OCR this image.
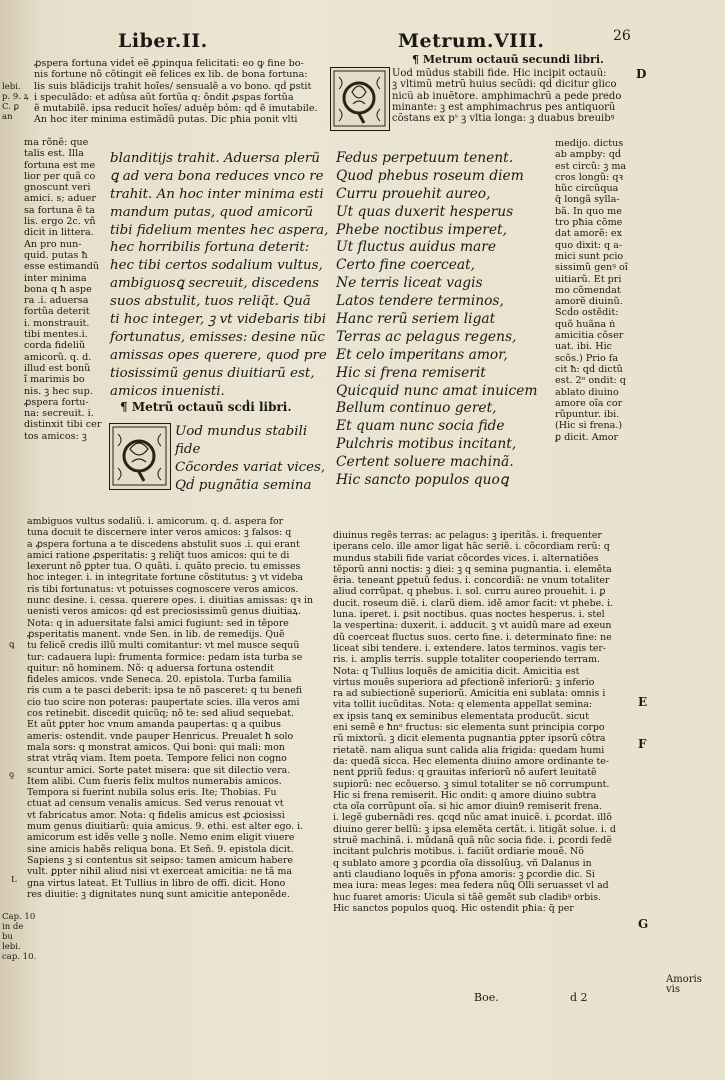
Liber.II.	Metrum.VIII.	26
ꝓspera fortuna videt̃ eẽ ꝓpinqua felicitati: eo ꝙ fine bo-
nis fortune nõ cõtingit eẽ felices ex lib. de bona fortuna:
lis suis blãdicijs trahit hoĩes/ sensualẽ a vo bono. qḋ ꝑstit
i speculãdo: et adu̾sa aũt fortũa q: õndit ꝓspas fortũa
ẽ mutabilẽ. ipsa reducit hoĩes/ adue̾p bo̾m: qḋ ẽ imutabile.
An hoc iter minima estimãdũ putas. Dic pħia ponit vlti
ma rõnẽ: que
talis est. Illa
fortuna est me
lior per quã co
gnoscunt veri
amici. s; aduer
sa fortuna ẽ ta
lis. ergo 2c. vñ
dicit in littera.
An pro nun-
quid. putas ħ
esse estimandũ
inter minima
bona q ħ aspe
ra .i. aduersa
fortũa deterit
i. monstrauit.
tibi mentes.i.
corda fideliũ
amicorũ. q. d.
illud est bonũ
ĩ marimis bo
nis. ꝫ hec sup.
ꝓspera fortu-
na: secreuit. i.
distinxit tibi cer
tos amicos: ꝫ
blanditijs trahit. Aduersa plerũ
ꝗ ad vera bona reduces vnco re
trahit. An hoc inter minima esti
mandum putas, quod amicorũ
tibi fidelium mentes hec aspera,
hec horribilis fortuna deterit:
hec tibi certos sodalium vultus,
ambiguosꝗ secreuit, discedens
suos abstulit, tuos reliq̃t. Quã
ti hoc integer, ꝫ vt videbaris tibi
fortunatus, emisses: desine nũc
amissas opes querere, quod pre
tiosissimũ genus diuitiarũ est,
amicos inuenisti.
¶ Metrũ octauũ scḋi libri.
Uod mundus stabili
fide
Cõcordes variat vices,
Qḋ pugnãtia semina
¶ Metrum octauũ secundi libri.
Uod mũdus stabili fide. Hic incipit octauũ:
ꝫ vltimũ metrũ huius secũdi: qḋ dicitur glico
nicũ ab inuẽtore. amphimachrũ a pede predo
minante: ꝫ est amphimachrus pes antiquorũ
cõstans ex pˢ ꝫ vltia longa: ꝫ duabus breuibꝰ
Fedus perpetuum tenent.
Quod phebus roseum diem
Curru prouehit aureo,
Ut quas duxerit hesperus
Phebe noctibus imperet,
Ut fluctus auidus mare
Certo fine coerceat,
Ne terris liceat vagis
Latos tendere terminos,
Hanc rerũ seriem ligat
Terras ac pelagus regens,
Et celo imperitans amor,
Hic si frena remiserit
Quicquid nunc amat inuicem
Bellum continuo geret,
Et quam nunc socia fide
Pulchris motibus incitant,
Certent soluere machinã.
Hic sancto populos quoꝗ
medijo. dictus
ab ampby: qḋ
est circũ: ꝫ ma
cros longũ: qꝛ
hũc circũqua
q̃ longã sylla-
bã. In quo me
tro pħia cõme
dat amorẽ: ex
quo dixit: q a-
mici sunt pcio
sissimũ genꝰ oĩ
uitiarũ. Et pri
mo cõmendat
amorẽ diuinũ.
Scḋo ostẽdit:
quõ huãna ṅ
amicitia cõser
uat. ibi. Hic
scõs.) Prio fa
cit ħ: qḋ dictũ
est. 2ᵒ ondit: q
ablato diuino
amore oĩa cor
rũpuntur. ibi.
(Hic si frena.)
ꝑ dicit. Amor
ambiguos vultus sodaliũ. i. amicorum. q. d. aspera for
tuna docuit te discernere inter veros amicos: ꝫ falsos: q
a ꝓspera fortuna a te discedens abstulit suos .i. qui erant
amici ratione ꝓsperitatis: ꝫ reliq̃t tuos amicos: qui te di
lexerunt nõ ꝑpter tua. O quãti. i. quãto precio. tu emisses
hoc integer. i. in integritate fortune cõstitutus: ꝫ vt videba
ris tibi fortunatus: vt potuisses cognoscere veros amicos.
nunc desine. i. cessa. querere opes. i. diuitias amissas: qꝛ in
uenisti veros amicos: qḋ est preciosissimũ genus diuitiaꝝ.
Nota: q in aduersitate falsi amici fugiunt: sed in tẽpore
ꝓsperitatis manent. vnde Sen. in lib. de remedijs. Quẽ
tu felicẽ credis illũ multi comitantur: vt mel musce sequũ
tur: cadauera lupi: frumenta formice: pedam ista turba se
quitur: nõ hominem. Nõ: q aduersa fortuna ostendit
fideles amicos. vnde Seneca. 20. epistola. Turba familia
ris cum a te pasci deberit: ipsa te nõ pasceret: q tu benefi
cio tuo scire non poteras: paupertate scies. illa veros ami
cos retinebit. discedit quicũq; nõ te: sed aliud sequebat.
Et aũt ꝑpter hoc vnum amanda paupertas: q a quibus
ameris: ostendit. vnde pauper Henricus. Preualet ħ solo
mala sors: q monstrat amicos. Qui boni: qui mali: mon
strat vtrãq viam. Item poeta. Tempore felici non cogno
scuntur amici. Sorte patet misera: que sit dilectio vera.
Item alibi. Cum fueris felix multos numerabis amicos.
Tempora si fuerint nubila solus eris. Ite; Thobias. Fu
ctuat ad censum venalis amicus. Sed verus renouat vt
vt fabricatus amor. Nota: q fidelis amicus est ꝓciosissi
mum genus diuitiarũ: quia amicus. 9. ethi. est alter ego. i.
amicorum est idẽs velle ꝫ nolle. Nemo enim eligit viuere
sine amicis habẽs reliqua bona. Et Señ. 9. epistola dicit.
Sapiens ꝫ si contentus sit seipso: tamen amicum habere
vult. ꝑpter nihil aliud nisi vt exerceat amicitia: ne tã ma
gna virtus lateat. Et Tullius in libro de offi. dicit. Hono
res diuitie: ꝫ dignitates nunꝗ sunt amicitie anteponẽde.
diuinus regẽs terras: ac pelagus: ꝫ iperitãs. i. frequenter
iperans celo. ille amor ligat hãc seriẽ. i. cõcordiam rerũ: q
mundus stabili fide variat cõcordes vices. i. alternatiões
tẽporũ anni noctis: ꝫ diei: ꝫ q semina pugnantia. i. elemẽta
ẽria. teneant ꝑpetuũ fedus. i. concordiã: ne vnum totaliter
aliud corrũpat. q phebus. i. sol. curru aureo prouehit. i. ꝑ
ducit. roseum diẽ. i. clarũ diem. idẽ amor facit: vt phebe. i.
luna. iperet. i. ꝑsit noctibus. quas noctes hesperus. i. stel
la vespertina: duxerit. i. adducit. ꝫ vt auidũ mare ad exeun
dũ coerceat fluctus suos. certo fine. i. determinato fine: ne
liceat sibi tendere. i. extendere. latos terminos. vagis ter-
ris. i. amplis terris. supple totaliter cooperiendo terram.
Nota: q Tullius loquẽs de amicitia dicit. Amicitia est
virtus mouẽs superiora ad ꝑfectionẽ inferiorũ: ꝫ inferio
ra ad subiectionẽ superiorũ. Amicitia eni sublata: omnis i
vita tollit iucũditas. Nota: q elementa appellat semina:
ex ipsis tanꝗ ex seminibus elementata producũt. sicut
eni semẽ e ħnᵒ fructus: sic elementa sunt principia corpo
rũ mixtorũ. ꝫ dicit elementa pugnantia ꝑpter ipsorũ cõtra
rietatẽ. nam aliqua sunt calida alia frigida: quedam humi
da: quedã sicca. Hec elementa diuino amore ordinante te-
nent ꝑpriũ fedus: q grauitas inferiorũ nõ aufert leuitatẽ
supiorũ: nec ecõuerso. ꝫ simul totaliter se nõ corrumpunt.
Hic si frena remiserit. Hic ondit: q amore diuino subtra
cta oĩa corrũpunt oĩa. si hic amor diuin9 remiserit frena.
i. legẽ gubernãdi res. qcqd nũc amat inuicẽ. i. ꝑcordat. illõ
diuino gerer bellũ: ꝫ ipsa elemẽta certãt. i. litigãt solue. i. d
struẽ machinã. i. mũdanã quã nũc socia fide. i. ꝑcordi fedẽ
incitant pulchris motibus. i. faciũt ordiarie mouẽ. Nõ
q sublato amore ꝫ ꝑcordia oĩa dissolũuꝫ. vñ Dalanus in
anti claudiano loquẽs in pꝭona amoris: ꝫ ꝑcordie dic. Si
mea iura: meas leges: mea federa nũꝗ Olli seruasset vl ad
huc fuaret amoris: Uicula si tãẽ gemẽt sub cladibꝰ orbis.
Hic sanctos populos quoꝗ. Hic ostendit pħia: q̃ per
Boe.	d 2
lebi.
p. 9. ꝝ
C. ꝑ
an
ꝗ
ꝯ
L
Cap. 10
in de
bu
lebi.
cap. 10.
D
E
F
G
Amoris
vis
